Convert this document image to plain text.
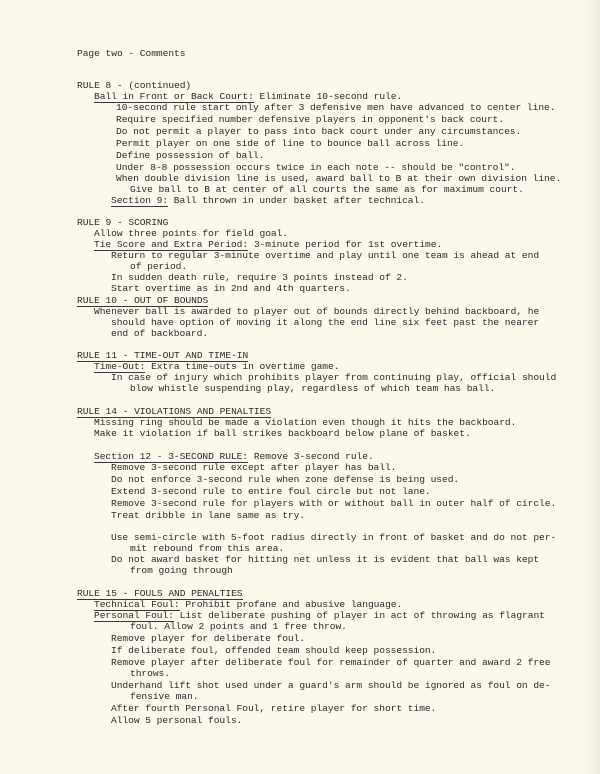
Page two - Comments
RULE 8 - (continued)
Ball in Front or Back Court: Eliminate 10-second rule.
10-second rule start only after 3 defensive men have advanced to center line.
Require specified number defensive players in opponent's back court.
Do not permit a player to pass into back court under any circumstances.
Permit player on one side of line to bounce ball across line.
Define possession of ball.
Under 8-8 possession occurs twice in each note -- should be "control".
When double division line is used, award ball to B at their own division line.
Give ball to B at center of all courts the same as for maximum court.
Section 9: Ball thrown in under basket after technical.
RULE 9 - SCORING
Allow three points for field goal.
Tie Score and Extra Period: 3-minute period for 1st overtime.
Return to regular 3-minute overtime and play until one team is ahead at end
of period.
In sudden death rule, require 3 points instead of 2.
Start overtime as in 2nd and 4th quarters.
RULE 10 - OUT OF BOUNDS
Whenever ball is awarded to player out of bounds directly behind backboard, he
should have option of moving it along the end line six feet past the nearer
end of backboard.
RULE 11 - TIME-OUT AND TIME-IN
Time-Out: Extra time-outs in overtime game.
In case of injury which prohibits player from continuing play, official should
blow whistle suspending play, regardless of which team has ball.
RULE 14 - VIOLATIONS AND PENALTIES
Missing ring should be made a violation even though it hits the backboard.
Make it violation if ball strikes backboard below plane of basket.
Section 12 - 3-SECOND RULE: Remove 3-second rule.
Remove 3-second rule except after player has ball.
Do not enforce 3-second rule when zone defense is being used.
Extend 3-second rule to entire foul circle but not lane.
Remove 3-second rule for players with or without ball in outer half of circle.
Treat dribble in lane same as try.
Use semi-circle with 5-foot radius directly in front of basket and do not per-
mit rebound from this area.
Do not award basket for hitting net unless it is evident that ball was kept
from going through
RULE 15 - FOULS AND PENALTIES
Technical Foul: Prohibit profane and abusive language.
Personal Foul: List deliberate pushing of player in act of throwing as flagrant
foul. Allow 2 points and 1 free throw.
Remove player for deliberate foul.
If deliberate foul, offended team should keep possession.
Remove player after deliberate foul for remainder of quarter and award 2 free
throws.
Underhand lift shot used under a guard's arm should be ignored as foul on de-
fensive man.
After fourth Personal Foul, retire player for short time.
Allow 5 personal fouls.
